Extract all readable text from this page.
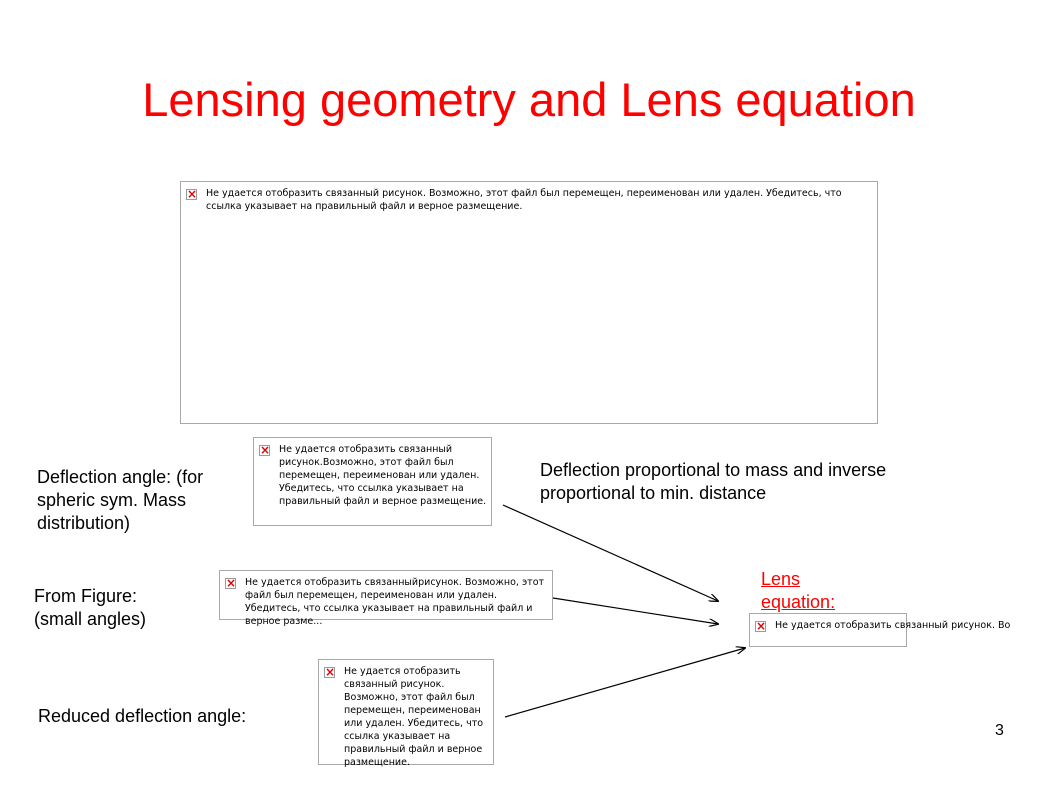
Lensing geometry and Lens equation
×
Не удается отобразить связанный рисунок. Возможно, этот файл был перемещен, переименован или удален. Убедитесь, что ссылка указывает на правильный файл и верное размещение.
×
Не удается отобразить связанный рисунок.Возможно, этот файл был перемещен, переименован или удален. Убедитесь, что ссылка указывает на правильный файл и верное размещение.
×
Не удается отобразить связанныйрисунок. Возможно, этот файл был перемещен, переименован или удален. Убедитесь, что ссылка указывает на правильный файл и верное разме...
×
Не удается отобразить связанный рисунок. Возможно, этот файл был перемещен, переименован или удален. Убедитесь, что ссылка указывает на правильный файл и верное размещение.
×
Не удается отобразить связанный рисунок. Во
Deflection angle: (for spheric sym. Mass distribution)
From Figure: (small angles)
Reduced deflection angle:
Deflection proportional to mass and inverse proportional to min. distance
Lens equation:
3
